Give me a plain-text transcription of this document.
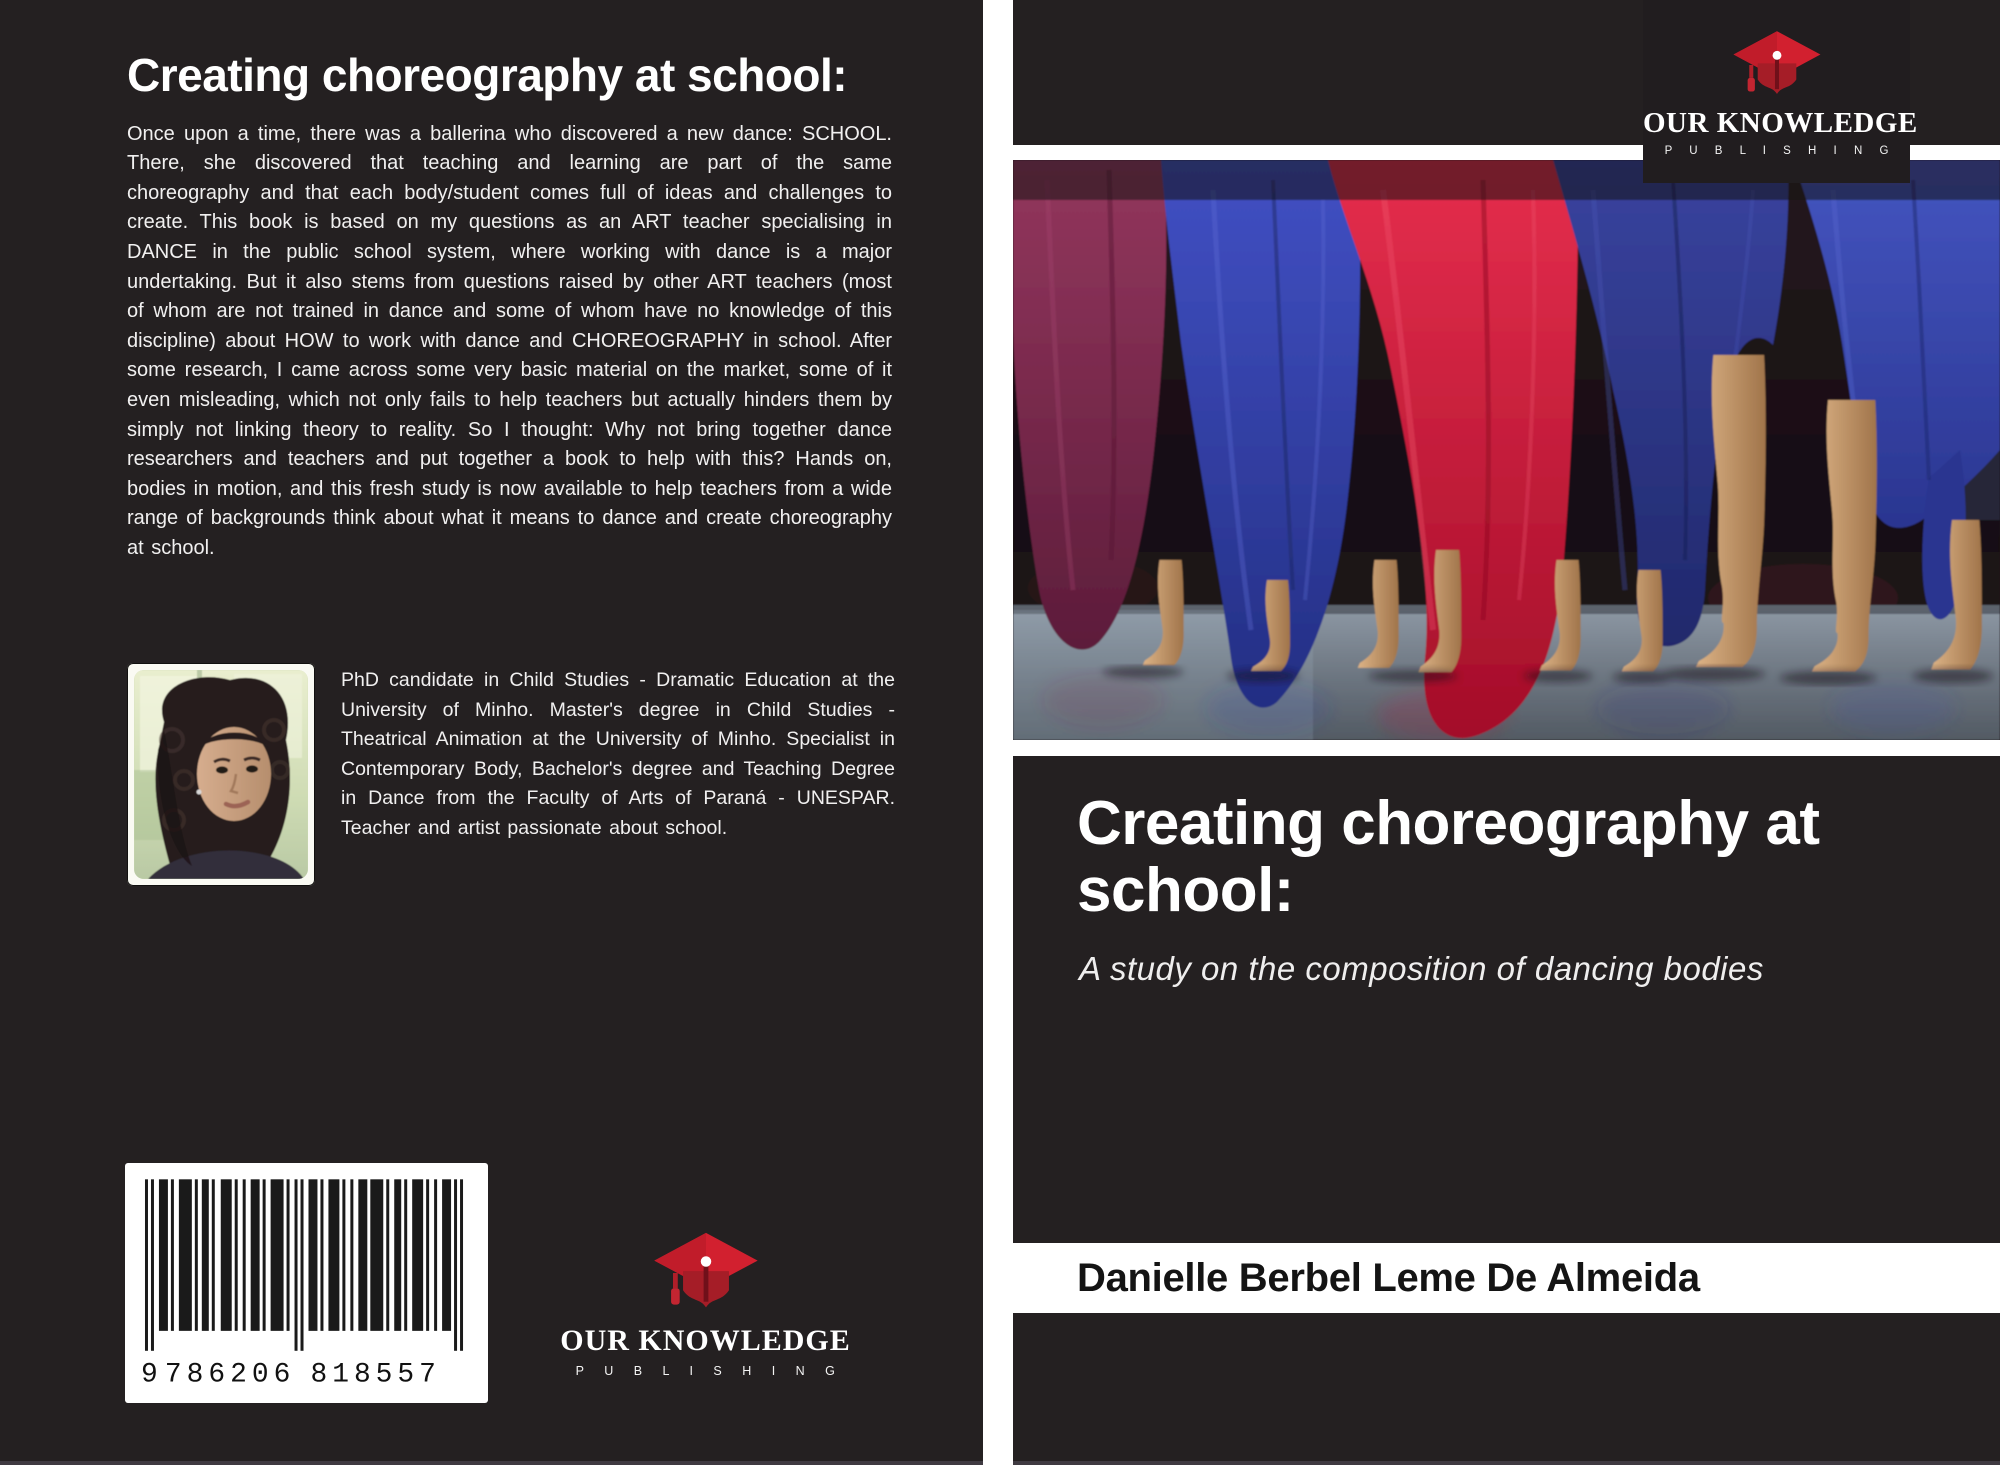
Creating choreography at school:
Once upon a time, there was a ballerina who discovered a new dance: SCHOOL. There, she discovered that teaching and learning are part of the same choreography and that each body/student comes full of ideas and challenges to create. This book is based on my questions as an ART teacher specialising in DANCE in the public school system, where working with dance is a major undertaking. But it also stems from questions raised by other ART teachers (most of whom are not trained in dance and some of whom have no knowledge of this discipline) about HOW to work with dance and CHOREOGRAPHY in school. After some research, I came across some very basic material on the market, some of it even misleading, which not only fails to help teachers but actually hinders them by simply not linking theory to reality. So I thought: Why not bring together dance researchers and teachers and put together a book to help with this? Hands on, bodies in motion, and this fresh study is now available to help teachers from a wide range of backgrounds think about what it means to dance and create choreography at school.
PhD candidate in Child Studies - Dramatic Education at the University of Minho. Master's degree in Child Studies - Theatrical Animation at the University of Minho. Specialist in Contemporary Body, Bachelor's degree and Teaching Degree in Dance from the Faculty of Arts of Paraná - UNESPAR. Teacher and artist passionate about school.
9 786206 818557
OUR KNOWLEDGE
P U B L I S H I N G
OUR KNOWLEDGE
P U B L I S H I N G
Creating choreography at school:
A study on the composition of dancing bodies

Danielle Berbel Leme De Almeida
